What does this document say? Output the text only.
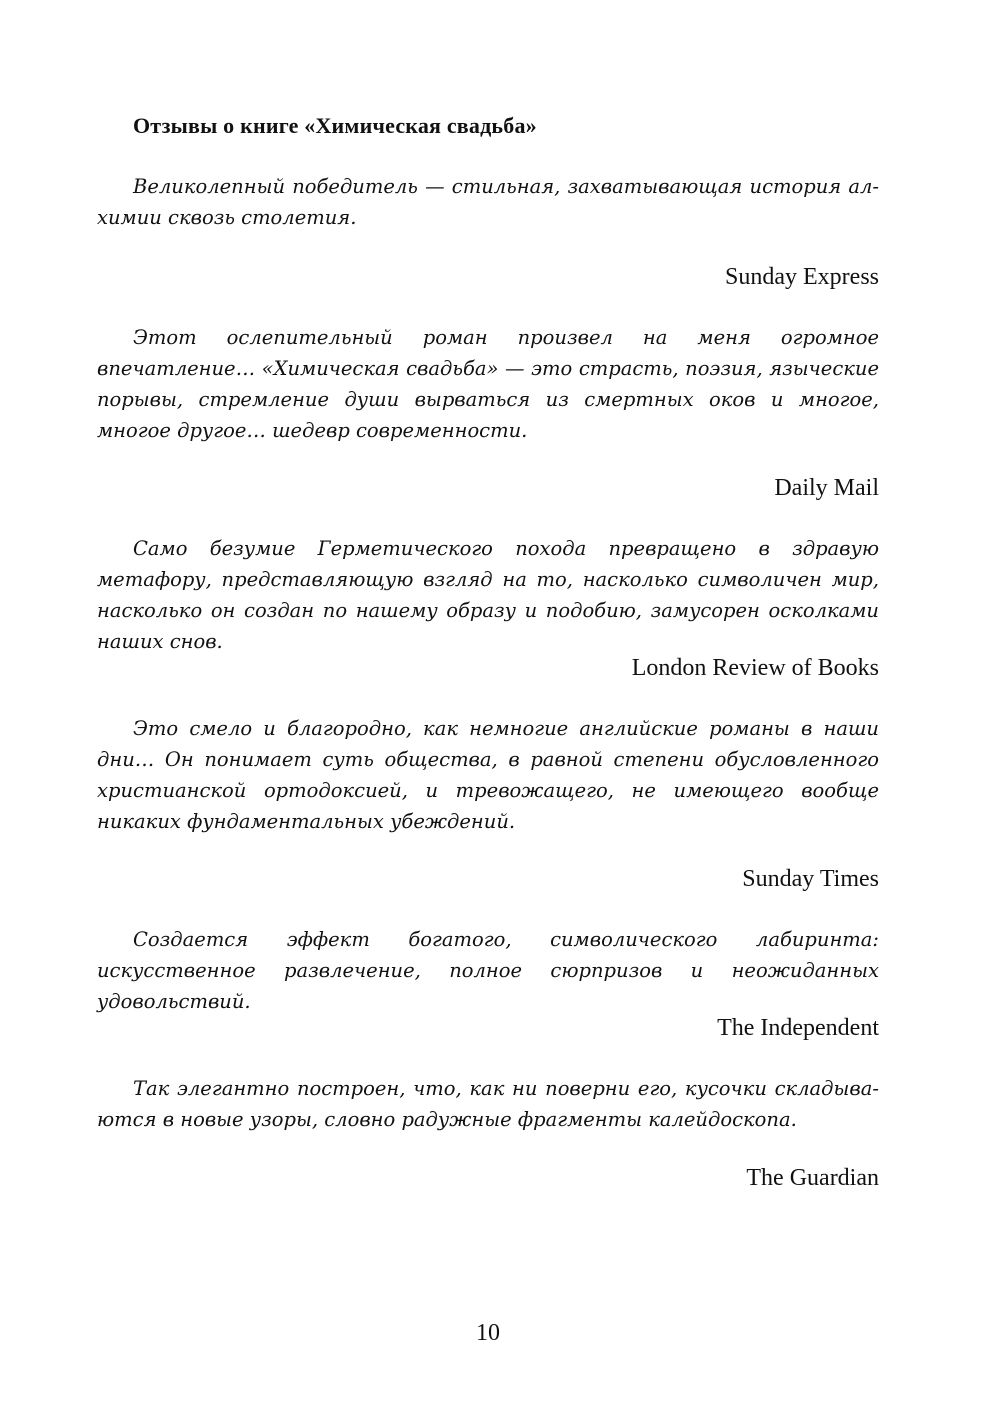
Отзывы о книге «Химическая свадьба»

Великолепный победитель — стильная, захватывающая история алхимии сквозь столетия.

Sunday Express

Этот ослепительный роман произвел на меня огромное впечатление… «Химическая свадьба» — это страсть, поэзия, языческие порывы, стремление души вырваться из смертных оков и многое, многое другое… шедевр современности.

Daily Mail

Само безумие Герметического похода превращено в здравую метафору, представляющую взгляд на то, насколько символичен мир, насколько он создан по нашему образу и подобию, замусорен осколками наших снов.

London Review of Books

Это смело и благородно, как немногие английские романы в наши дни… Он понимает суть общества, в равной степени обусловленного христианской ортодоксией, и тревожащего, не имеющего вообще никаких фундаментальных убеждений.

Sunday Times

Создается эффект богатого, символического лабиринта: искусственное развлечение, полное сюрпризов и неожиданных удовольствий.

The Independent

Так элегантно построен, что, как ни поверни его, кусочки складываются в новые узоры, словно радужные фрагменты калейдоскопа.

The Guardian
10
